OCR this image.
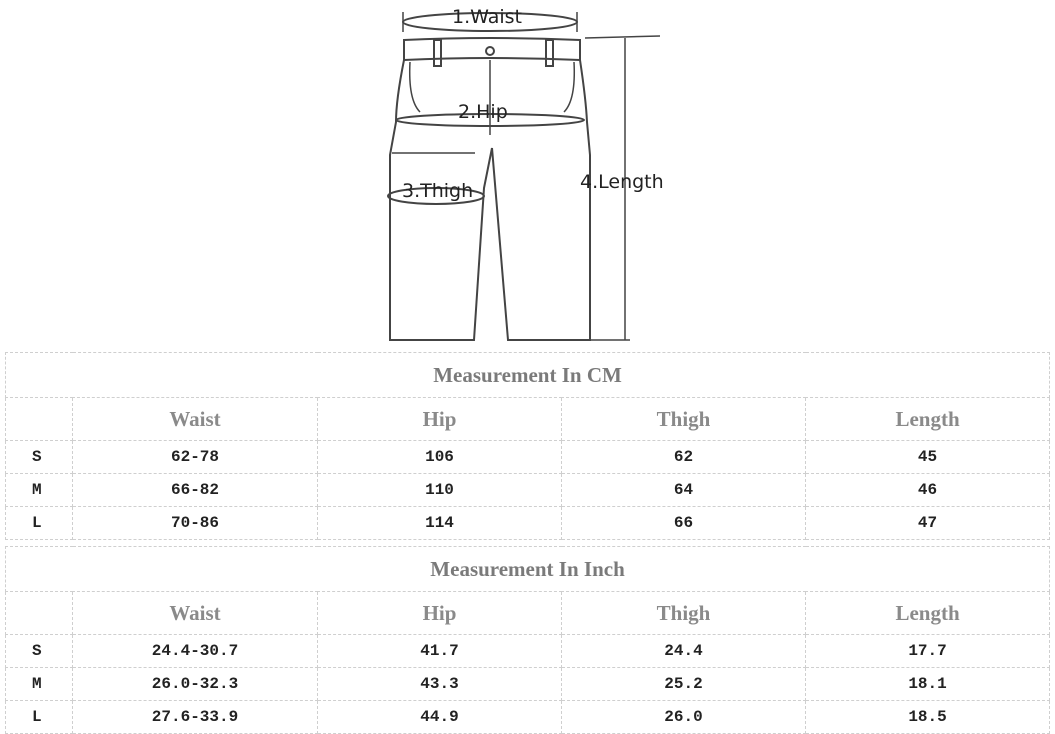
1.Waist
2.Hip
3.Thigh	4.Length
Measurement In CM				
	Waist	Hip	Thigh	Length
S	62-78	106	62	45
M	66-82	110	64	46
L	70-86	114	66	47
Measurement In Inch				
	Waist	Hip	Thigh	Length
S	24.4-30.7	41.7	24.4	17.7
M	26.0-32.3	43.3	25.2	18.1
L	27.6-33.9	44.9	26.0	18.5
